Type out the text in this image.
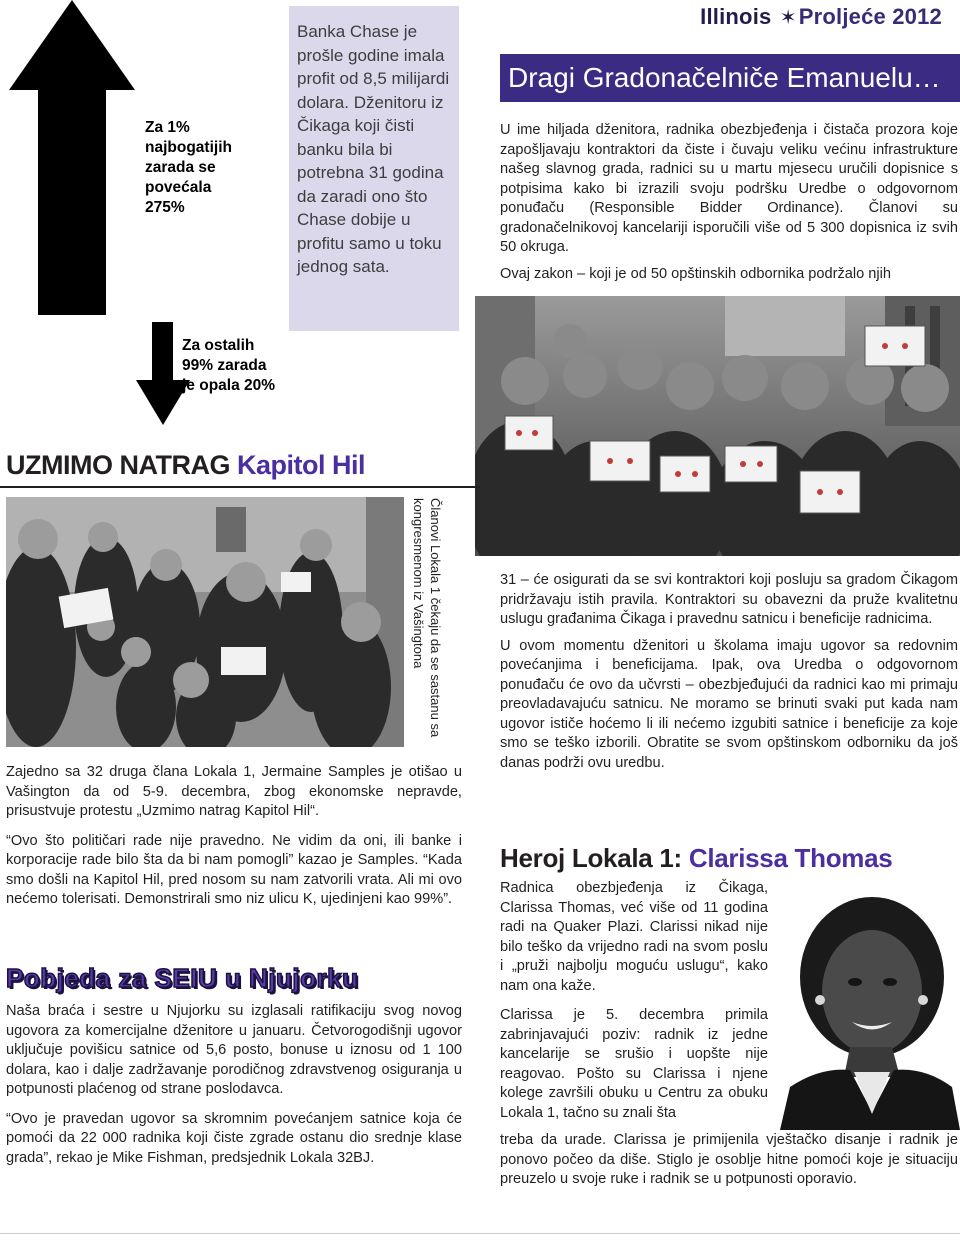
Za 1%
najbogatijih
zarada se
povećala
275%
Za ostalih
99% zarada
je opala 20%

Banka Chase je prošle godine imala profit od 8,5 milijardi dolara. Dženitoru iz Čikaga koji čisti banku bila bi potrebna 31 godina da zaradi ono što Chase dobije u profitu samo u toku jednog sata.

Illinois ✶Proljeće 2012
Dragi Gradonačelniče Emanuelu…

U ime hiljada dženitora, radnika obezbjeđenja i čistača prozora koje zapošljavaju kontraktori da čiste i čuvaju veliku većinu infrastrukture našeg slavnog grada, radnici su u martu mjesecu uručili dopisnice s potpisima kako bi izrazili svoju podršku Uredbe o odgovornom ponuđaču (Responsible Bidder Ordinance). Članovi su gradonačelnikovoj kancelariji isporučili više od 5 300 dopisnica iz svih 50 okruga.

Ovaj zakon – koji je od 50 opštinskih odbornika podržalo njih

31 – će osigurati da se svi kontraktori koji posluju sa gradom Čikagom pridržavaju istih pravila. Kontraktori su obavezni da pruže kvalitetnu uslugu građanima Čikaga i pravednu satnicu i beneficije radnicima.

U ovom momentu dženitori u školama imaju ugovor sa redovnim povećanjima i beneficijama. Ipak, ova Uredba o odgovornom ponuđaču će ovo da učvrsti – obezbjeđujući da radnici kao mi primaju preovladavajuću satnicu. Ne moramo se brinuti svaki put kada nam ugovor ističe hoćemo li ili nećemo izgubiti satnice i beneficije za koje smo se teško izborili. Obratite se svom opštinskom odborniku da još danas podrži ovu uredbu.

UZMIMO NATRAG Kapitol Hil
Članovi Lokala 1 čekaju da se sastanu sa kongresmenom iz Vašingtona

Zajedno sa 32 druga člana Lokala 1, Jermaine Samples je otišao u Vašington da od 5-9. decembra, zbog ekonomske nepravde, prisustvuje protestu „Uzmimo natrag Kapitol Hil“.

“Ovo što političari rade nije pravedno. Ne vidim da oni, ili banke i korporacije rade bilo šta da bi nam pomogli” kazao je Samples. “Kada smo došli na Kapitol Hil, pred nosom su nam zatvorili vrata. Ali mi ovo nećemo tolerisati. Demonstrirali smo niz ulicu K, ujedinjeni kao 99%”.

Pobjeda za SEIU u Njujorku

Naša braća i sestre u Njujorku su izglasali ratifikaciju svog novog ugovora za komercijalne dženitore u januaru. Četvorogodišnji ugovor uključuje povišicu satnice od 5,6 posto, bonuse u iznosu od 1 100 dolara, kao i dalje zadržavanje porodičnog zdravstvenog osiguranja u potpunosti plaćenog od strane poslodavca.

“Ovo je pravedan ugovor sa skromnim povećanjem satnice koja će pomoći da 22 000 radnika koji čiste zgrade ostanu dio srednje klase grada”, rekao je Mike Fishman, predsjednik Lokala 32BJ.

Heroj Lokala 1: Clarissa Thomas

Radnica obezbjeđenja iz Čikaga, Clarissa Thomas, već više od 11 godina radi na Quaker Plazi. Clarissi nikad nije bilo teško da vrijedno radi na svom poslu i „pruži najbolju moguću uslugu“, kako nam ona kaže.

Clarissa je 5. decembra primila zabrinjavajući poziv: radnik iz jedne kancelarije se srušio i uopšte nije reagovao. Pošto su Clarissa i njene kolege završili obuku u Centru za obuku Lokala 1, tačno su znali šta

treba da urade. Clarissa je primijenila vještačko disanje i radnik je ponovo počeo da diše. Stiglo je osoblje hitne pomoći koje je situaciju preuzelo u svoje ruke i radnik se u potpunosti oporavio.
